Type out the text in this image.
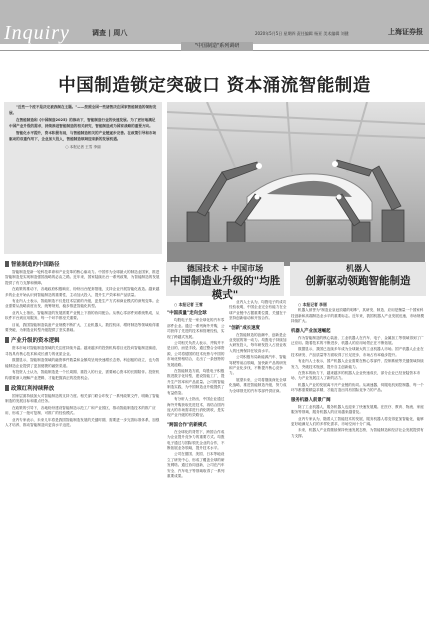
Inquiry	调查 | 周八	2020年5月5日 星期四 责任编辑 杨亚 美术编辑 刘健	上海证券报
"中国制造"系列调研
中国制造锁定突破口 资本涌流智能制造

"近些一个疫不是决定被我制在主题。"——按照全国一些诸智决在国家智能制造的领衔发展。

在智能制造和《中国制造2025》的推动下，智能制造行业的快速发展。为了更好地满足中国产业升级的需求，持续推进智能制造的相关研究，智能制造成为国家战略的重要方向。

智能化水平提升，资本积极布局，与智能制造相关的产业链逐步完善。在政策引导和市场驱动的双重作用下，企业加大投入，智能制造领域迎来新的发展机遇。

○ 本报记者 王雪 李丽

德国技术 + 中国市场
中国制造业升级的"均胜模式"
机器人
创新驱动领跑智能制造
智能制造的中国路径

智能制造是新一轮科技革命和产业变革的核心驱动力。中国作为全球最大的制造业国家，推进智能制造是实现制造强国战略的必由之路。近年来，国家陆续出台一系列政策，为智能制造的发展提供了有力支撑和保障。

在政策的推动下，各地政府积极响应，纷纷出台配套措施，支持企业开展智能化改造。越来越多的企业开始认识到智能制造的重要性，主动加大投入，提升生产效率和产品质量。

有业内人士表示，智能制造不仅是技术层面的升级，更是生产方式和商业模式的深刻变革。企业需要从战略高度出发，统筹规划，稳步推进智能化转型。

业内人士指出，智能制造的发展需要产业链上下游的协同配合。从核心零部件到系统集成，从软件平台到应用服务，每一个环节都至关重要。

目前，我国智能制造装备产业规模不断扩大，工业机器人、数控机床、增材制造等领域取得重要突破，为制造业转型升级提供了坚实基础。

产业升级的资本逻辑

资本市场对智能制造领域的关注度持续升温。越来越多的投资机构将目光投向智能制造赛道，寻找具有核心技术和成长潜力的优质企业。

数据显示，智能制造领域的融资事件数量和金额均呈现快速增长态势。科创板的设立，也为智能制造企业提供了更加便捷的融资渠道。

有投资人士认为，智能制造是一个长周期、重投入的行业，需要耐心资本的长期陪伴。投资机构需要深入理解产业逻辑，才能把握真正的投资机会。

政策红利持续释放

国家层面持续加大对智能制造的支持力度。相关部门联合印发了一系列政策文件，明确了智能制造的发展目标和重点任务。

在政策的引导下，各地纷纷建设智能制造示范工厂和产业园区，推动智能制造技术的推广应用，形成了一批可复制、可推广的经验模式。

业内专家表示，未来几年将是我国智能制造发展的关键时期，需要进一步完善标准体系，加强人才培养，推动智能制造向更高水平迈进。

○ 本报记者 王雪

"中国质量"走向全球

均胜电子是一家全球化的汽车零部件企业。通过一系列海外并购，公司获得了先进的技术和管理经验，实现了跨越式发展。

公司相关负责人表示，并购并不是目的，而是手段。通过整合全球资源，公司将德国的技术优势与中国的市场优势相结合，走出了一条独特的发展道路。

在智能制造方面，均胜电子积极推进数字化转型，建设智能工厂，提升生产效率和产品质量。公司的智能制造实践，为中国制造业升级提供了有益借鉴。

有分析人士指出，中国企业通过海外并购获取先进技术，再结合国内庞大的市场需求进行消化吸收，是实现产业升级的有效路径。

"跨国合作"的新模式

在全球化的背景下，跨国合作成为企业提升竞争力的重要方式。均胜电子通过与国际领先企业的合作，不断拓展业务领域，提升技术水平。

公司在德国、美国、日本等地设立了研发中心，形成了覆盖全球的研发网络。通过协同创新，公司在汽车安全、汽车电子等领域取得了一系列重要成果。

业内人士认为，均胜电子的成功经验表明，中国企业完全有能力在全球产业链中占据重要位置，关键在于坚持创新驱动和开放合作。

"创新"成长速度

在智能制造的浪潮中，创新是企业发展的第一动力。均胜电子持续加大研发投入，每年研发投入占营业收入的比例保持在较高水平。

公司积极布局新能源汽车、智能驾驶等前沿领域，加快新产品的研发和产业化步伐，不断提升核心竞争力。

展望未来，公司将继续深化全球化战略，推进智能制造升级，努力成为全球领先的汽车零部件供应商。

○ 本报记者 李丽

机器人被誉为"制造业皇冠顶端的明珠"，其研发、制造、应用是衡量一个国家科技创新和高端制造业水平的重要标志。近年来，我国机器人产业发展迅速，市场规模持续扩大。

机器人产业加速崛起

作为智能制造的核心装备，工业机器人在汽车、电子、金属加工等领域得到了广泛应用。随着技术的不断进步，机器人的应用场景正在不断拓展。

数据显示，我国已连续多年成为全球最大的工业机器人市场。国产机器人企业在技术研发、产品质量等方面取得了长足进步，市场占有率稳步提升。

有业内人士表示，国产机器人企业需要在核心零部件、控制系统等关键领域持续发力，突破技术瓶颈，提升自主创新能力。

在资本的助力下，越来越多的机器人企业快速成长，部分企业已经登陆资本市场，为产业发展注入了新的活力。

机器人产业的发展离不开产业链的协同。从减速器、伺服电机到控制器，每一个环节都需要精益求精，才能打造出具有国际竞争力的产品。

服务机器人前景广阔

除了工业机器人，服务机器人也迎来了快速发展期。在医疗、教育、物流、家庭服务等领域，服务机器人的应用越来越普及。

业内专家认为，随着人工智能技术的发展，服务机器人将变得更加智能化，能够更好地满足人们的多样化需求，市场空间十分广阔。

未来，机器人产业将继续保持快速发展态势，为智能制造和经济社会发展提供有力支撑。
